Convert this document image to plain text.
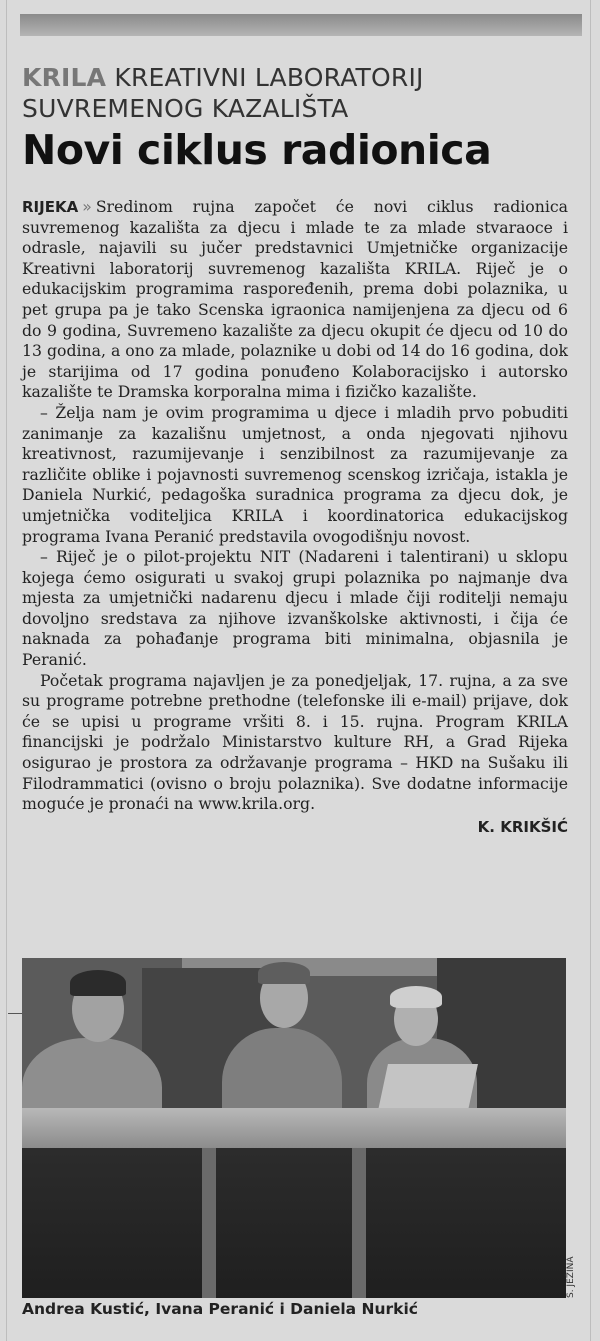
KRILA KREATIVNI LABORATORIJ
SUVREMENOG KAZALIŠTA
Novi ciklus radionica

RIJEKA » Sredinom rujna započet će novi ciklus radionica suvremenog kazališta za djecu i mlade te za mlade stvaraoce i odrasle, najavili su jučer predstavnici Umjetničke organizacije Kreativni laboratorij suvremenog kazališta KRILA. Riječ je o edukacijskim programima raspoređenih, prema dobi polaznika, u pet grupa pa je tako Scenska igraonica namijenjena za djecu od 6 do 9 godina, Suvremeno kazalište za djecu okupit će djecu od 10 do 13 godina, a ono za mlade, polaznike u dobi od 14 do 16 godina, dok je starijima od 17 godina ponuđeno Kolaboracijsko i autorsko kazalište te Dramska korporalna mima i fizičko kazalište.

– Želja nam je ovim programima u djece i mladih prvo pobuditi zanimanje za kazališnu umjetnost, a onda njegovati njihovu kreativnost, razumijevanje i senzibilnost za razumijevanje za različite oblike i pojavnosti suvremenog scenskog izričaja, istakla je Daniela Nurkić, pedagoška suradnica programa za djecu dok, je umjetnička voditeljica KRILA i koordinatorica edukacijskog programa Ivana Peranić predstavila ovogodišnju novost.

– Riječ je o pilot-projektu NIT (Nadareni i talentirani) u sklopu kojega ćemo osigurati u svakoj grupi polaznika po najmanje dva mjesta za umjetnički nadarenu djecu i mlade čiji roditelji nemaju dovoljno sredstava za njihove izvanškolske aktivnosti, i čija će naknada za pohađanje programa biti minimalna, objasnila je Peranić.

Početak programa najavljen je za ponedjeljak, 17. rujna, a za sve su programe potrebne prethodne (telefonske ili e-mail) prijave, dok će se upisi u programe vršiti 8. i 15. rujna. Program KRILA financijski je podržalo Ministarstvo kulture RH, a Grad Rijeka osigurao je prostora za održavanje programa – HKD na Sušaku ili Filodrammatici (ovisno o broju polaznika). Sve dodatne informacije moguće je pronaći na www.krila.org.

K. KRIKŠIĆ
S. JEŽINA
Andrea Kustić, Ivana Peranić i Daniela Nurkić
